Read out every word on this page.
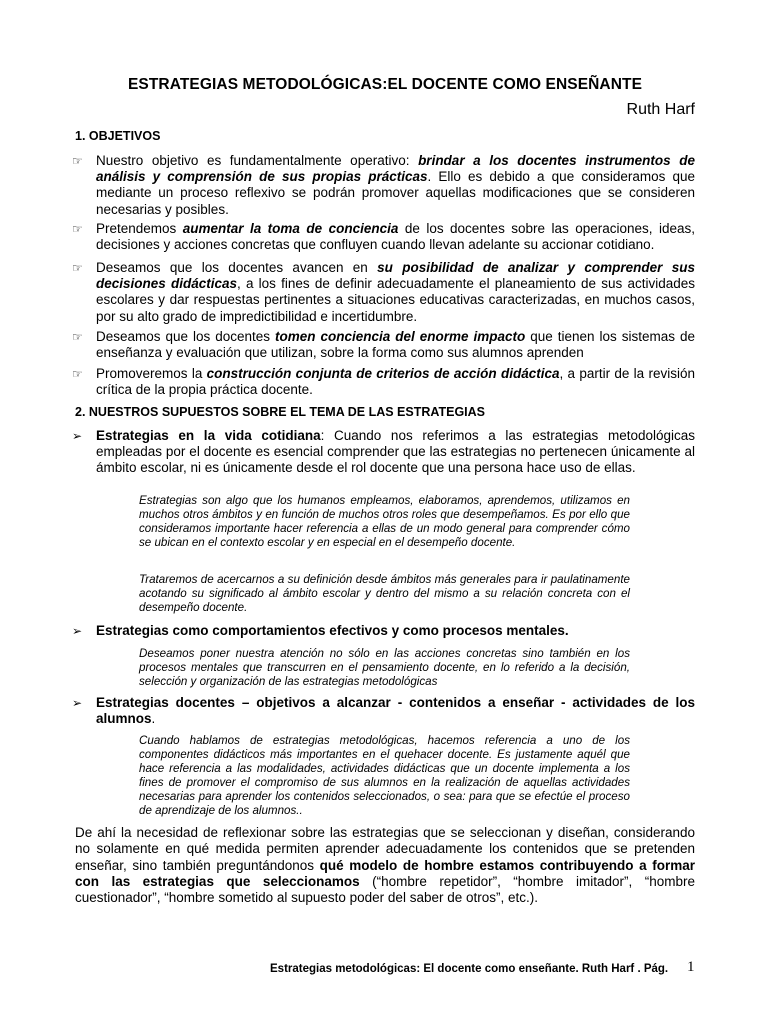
ESTRATEGIAS METODOLÓGICAS:EL DOCENTE COMO ENSEÑANTE
Ruth Harf
1. OBJETIVOS
☞ Nuestro objetivo es fundamentalmente operativo: brindar a los docentes instrumentos de análisis y comprensión de sus propias prácticas. Ello es debido a que consideramos que mediante un proceso reflexivo se podrán promover aquellas modificaciones que se consideren necesarias y posibles.
☞ Pretendemos aumentar la toma de conciencia de los docentes sobre las operaciones, ideas, decisiones y acciones concretas que confluyen cuando llevan adelante su accionar cotidiano.
☞ Deseamos que los docentes avancen en su posibilidad de analizar y comprender sus decisiones didácticas, a los fines de definir adecuadamente el planeamiento de sus actividades escolares y dar respuestas pertinentes a situaciones educativas caracterizadas, en muchos casos, por su alto grado de impredictibilidad e incertidumbre.
☞ Deseamos que los docentes tomen conciencia del enorme impacto que tienen los sistemas de enseñanza y evaluación que utilizan, sobre la forma como sus alumnos aprenden
☞ Promoveremos la construcción conjunta de criterios de acción didáctica, a partir de la revisión crítica de la propia práctica docente.
2. NUESTROS SUPUESTOS SOBRE EL TEMA DE LAS ESTRATEGIAS
➢	Estrategias en la vida cotidiana: Cuando nos referimos a las estrategias metodológicas empleadas por el docente es esencial comprender que las estrategias no pertenecen únicamente al ámbito escolar, ni es únicamente desde el rol docente que una persona hace uso de ellas.
Estrategias son algo que los humanos empleamos, elaboramos, aprendemos, utilizamos en muchos otros ámbitos y en función de muchos otros roles que desempeñamos. Es por ello que consideramos importante hacer referencia a ellas de un modo general para comprender cómo se ubican en el contexto escolar y en especial en el desempeño docente.
Trataremos de acercarnos a su definición desde ámbitos más generales para ir paulatinamente acotando su significado al ámbito escolar y dentro del mismo a su relación concreta con el desempeño docente.
➢	Estrategias como comportamientos efectivos y como procesos mentales.
Deseamos poner nuestra atención no sólo en las acciones concretas sino también en los procesos mentales que transcurren en el pensamiento docente, en lo referido a la decisión, selección y organización de las estrategias metodológicas
➢	Estrategias docentes – objetivos a alcanzar - contenidos a enseñar - actividades de los alumnos.
Cuando hablamos de estrategias metodológicas, hacemos referencia a uno de los componentes didácticos más importantes en el quehacer docente. Es justamente aquél que hace referencia a las modalidades, actividades didácticas que un docente implementa a los fines de promover el compromiso de sus alumnos en la realización de aquellas actividades necesarias para aprender los contenidos seleccionados, o sea: para que se efectúe el proceso de aprendizaje de los alumnos..
De ahí la necesidad de reflexionar sobre las estrategias que se seleccionan y diseñan, considerando no solamente en qué medida permiten aprender adecuadamente los contenidos que se pretenden enseñar, sino también preguntándonos qué modelo de hombre estamos contribuyendo a formar con las estrategias que seleccionamos (“hombre repetidor”, “hombre imitador”, “hombre cuestionador”, “hombre sometido al supuesto poder del saber de otros”, etc.).
Estrategias metodológicas: El docente como enseñante. Ruth Harf . Pág. 1
